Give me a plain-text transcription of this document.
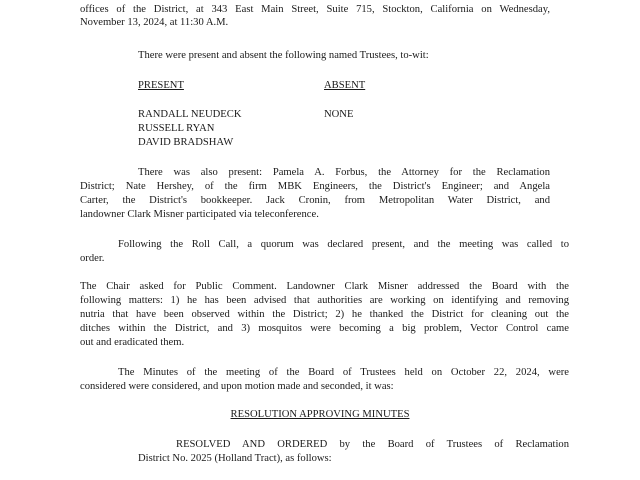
offices of the District, at 343 East Main Street, Suite 715, Stockton, California on Wednesday,
November 13, 2024, at 11:30 A.M.
There were present and absent the following named Trustees, to-wit:
PRESENT	ABSENT
RANDALL NEUDECK
RUSSELL RYAN
DAVID BRADSHAW
NONE
There was also present: Pamela A. Forbus, the Attorney for the Reclamation
District; Nate Hershey, of the firm MBK Engineers, the District's Engineer; and Angela
Carter, the District's bookkeeper. Jack Cronin, from Metropolitan Water District, and
landowner Clark Misner participated via teleconference.
Following the Roll Call, a quorum was declared present, and the meeting was called to
order.
The Chair asked for Public Comment. Landowner Clark Misner addressed the Board with the
following matters: 1) he has been advised that authorities are working on identifying and removing
nutria that have been observed within the District; 2) he thanked the District for cleaning out the
ditches within the District, and 3) mosquitos were becoming a big problem, Vector Control came
out and eradicated them.
The Minutes of the meeting of the Board of Trustees held on October 22, 2024, were
considered were considered, and upon motion made and seconded, it was:
RESOLUTION APPROVING MINUTES
RESOLVED AND ORDERED by the Board of Trustees of Reclamation
District No. 2025 (Holland Tract), as follows:
